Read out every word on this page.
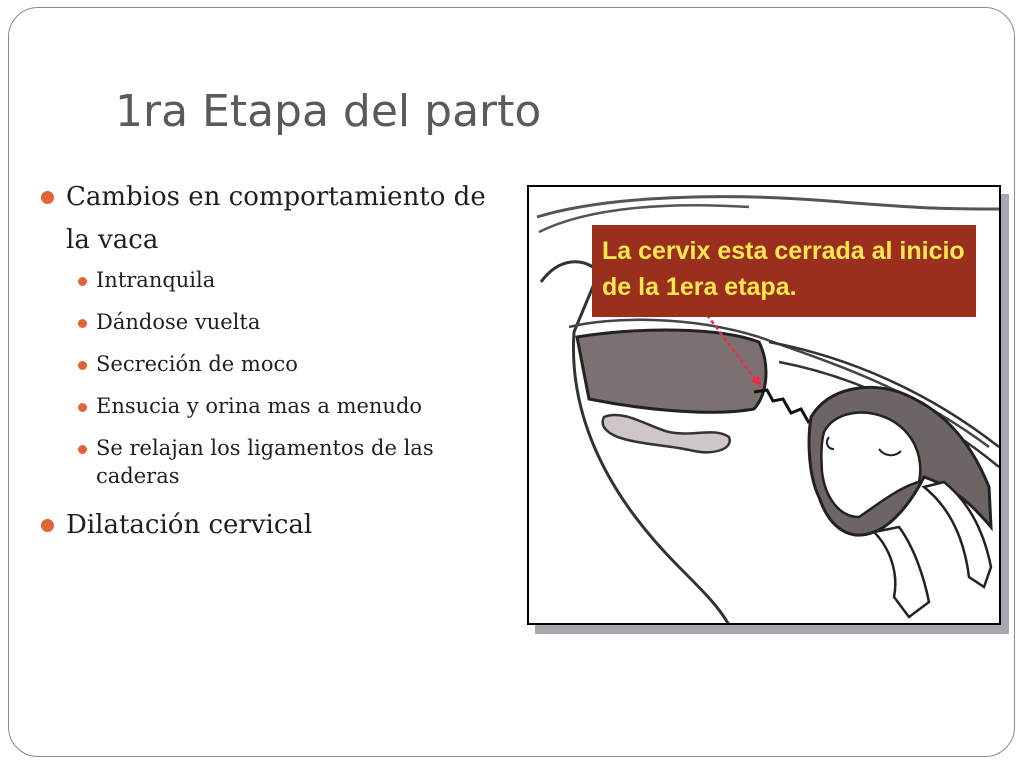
1ra Etapa del parto
Cambios en comportamiento de la vaca
Intranquila
Dándose vuelta
Secreción de moco
Ensucia y orina mas a menudo
Se relajan los ligamentos de las caderas
Dilatación cervical
La cervix esta cerrada al inicio de la 1era etapa.
